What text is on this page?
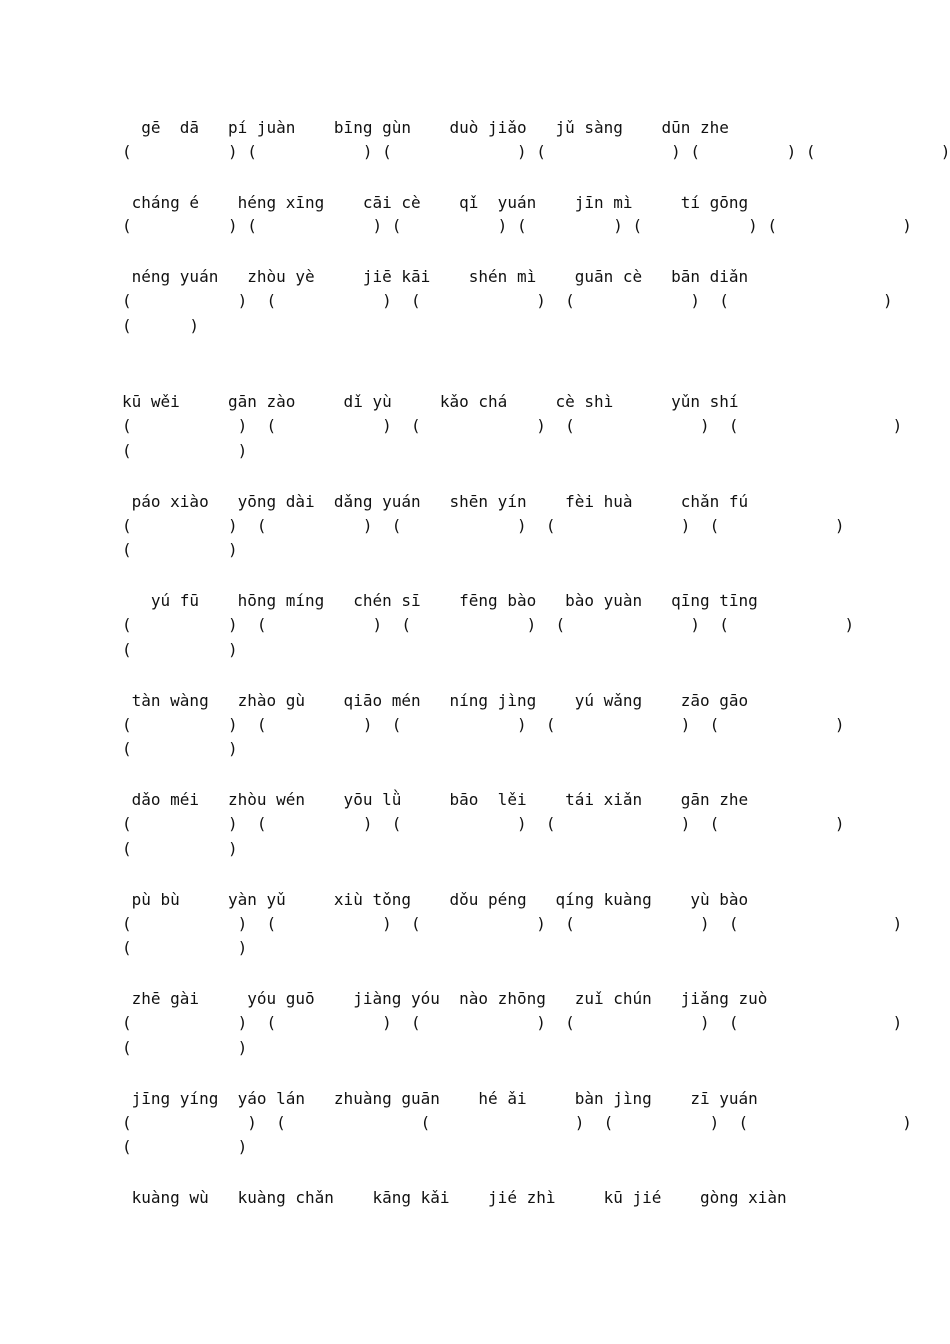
gē  dā   pí juàn    bīng gùn    duò jiǎo   jǔ sàng    dūn zhe
(          ) (           ) (             ) (             ) (         ) (             )
cháng é    héng xīng    cāi cè    qǐ  yuán    jīn mì     tí gōng
(          ) (            ) (          ) (         ) (           ) (             )
néng yuán   zhòu yè     jiē kāi    shén mì    guān cè   bān diǎn
(           )  (           )  (            )  (            )  (                )
(      )
kū wěi     gān zào     dǐ yù     kǎo chá     cè shì      yǔn shí
(           )  (           )  (            )  (             )  (                )
(           )
páo xiào   yōng dài  dǎng yuán   shēn yín    fèi huà     chǎn fú
(          )  (          )  (            )  (             )  (            )
(          )
yú fū    hōng míng   chén sī    fēng bào   bào yuàn   qīng tīng
(          )  (           )  (            )  (             )  (            )
(          )
tàn wàng   zhào gù    qiāo mén   níng jìng    yú wǎng    zāo gāo
(          )  (          )  (            )  (             )  (            )
(          )
dǎo méi   zhòu wén    yōu lǜ     bāo  lěi    tái xiǎn    gān zhe
(          )  (          )  (            )  (             )  (            )
(          )
pù bù     yàn yǔ     xiù tǒng    dǒu péng   qíng kuàng    yù bào
(           )  (           )  (            )  (             )  (                )
(           )
zhē gài     yóu guō    jiàng yóu  nào zhōng   zuǐ chún   jiǎng zuò
(           )  (           )  (            )  (             )  (                )
(           )
jīng yíng  yáo lán   zhuàng guān    hé ǎi     bàn jìng    zī yuán
(            )  (              (               )  (          )  (                )
(           )
kuàng wù   kuàng chǎn    kāng kǎi    jié zhì     kū jié    gòng xiàn
